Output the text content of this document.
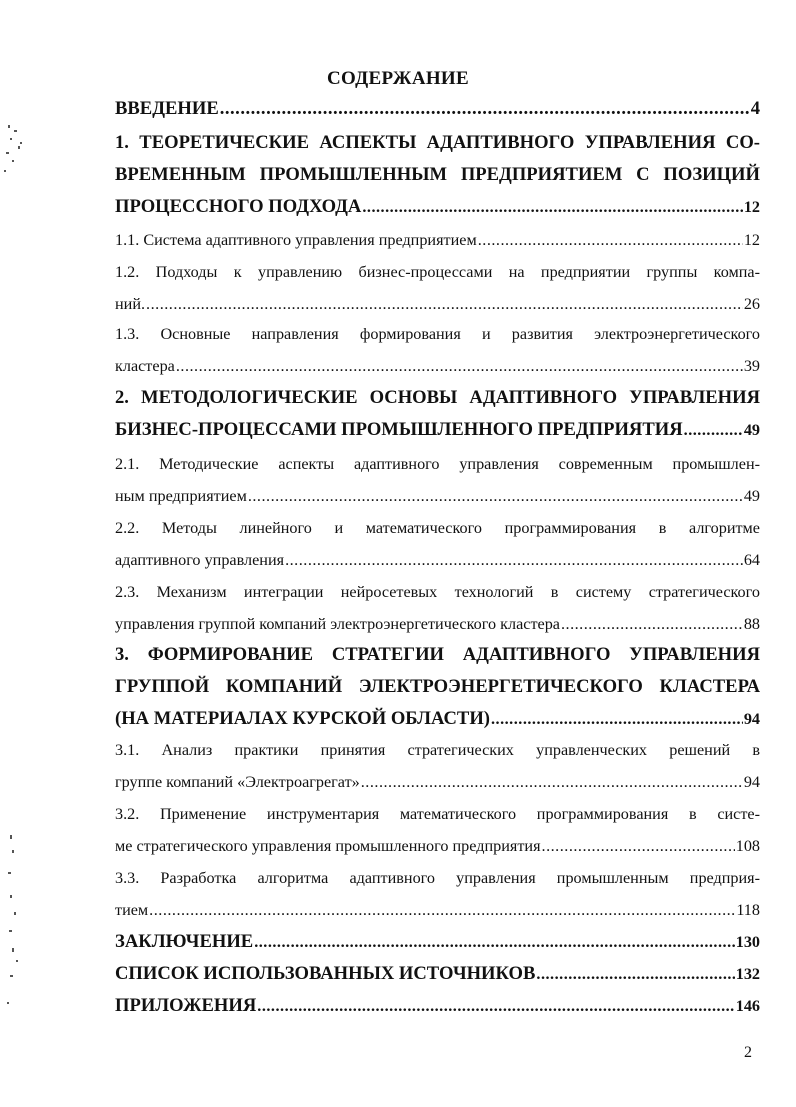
СОДЕРЖАНИЕ
ВВЕДЕНИЕ .....	4
1. ТЕОРЕТИЧЕСКИЕ АСПЕКТЫ АДАПТИВНОГО УПРАВЛЕНИЯ СО-
ВРЕМЕННЫМ ПРОМЫШЛЕННЫМ ПРЕДПРИЯТИЕМ С ПОЗИЦИЙ
ПРОЦЕССНОГО ПОДХОДА .....	12
1.1. Система адаптивного управления предприятием .....	12
1.2. Подходы к управлению бизнес-процессами на предприятии группы компа-
ний. .....	26
1.3. Основные направления формирования и развития электроэнергетического
кластера .....	39
2. МЕТОДОЛОГИЧЕСКИЕ ОСНОВЫ АДАПТИВНОГО УПРАВЛЕНИЯ
БИЗНЕС-ПРОЦЕССАМИ ПРОМЫШЛЕННОГО ПРЕДПРИЯТИЯ .....	49
2.1. Методические аспекты адаптивного управления современным промышлен-
ным предприятием .....	49
2.2. Методы линейного и математического программирования в алгоритме
адаптивного управления .....	64
2.3. Механизм интеграции нейросетевых технологий в систему стратегического
управления группой компаний электроэнергетического кластера .....	88
3. ФОРМИРОВАНИЕ СТРАТЕГИИ АДАПТИВНОГО УПРАВЛЕНИЯ
ГРУППОЙ КОМПАНИЙ ЭЛЕКТРОЭНЕРГЕТИЧЕСКОГО КЛАСТЕРА
(НА МАТЕРИАЛАХ КУРСКОЙ ОБЛАСТИ) .....	94
3.1. Анализ практики принятия стратегических управленческих решений в
группе компаний «Электроагрегат» .....	94
3.2. Применение инструментария математического программирования в систе-
ме стратегического управления промышленного предприятия .....	108
3.3. Разработка алгоритма адаптивного управления промышленным предприя-
тием .....	118
ЗАКЛЮЧЕНИЕ .....	130
СПИСОК ИСПОЛЬЗОВАННЫХ ИСТОЧНИКОВ .....	132
ПРИЛОЖЕНИЯ .....	146
2
